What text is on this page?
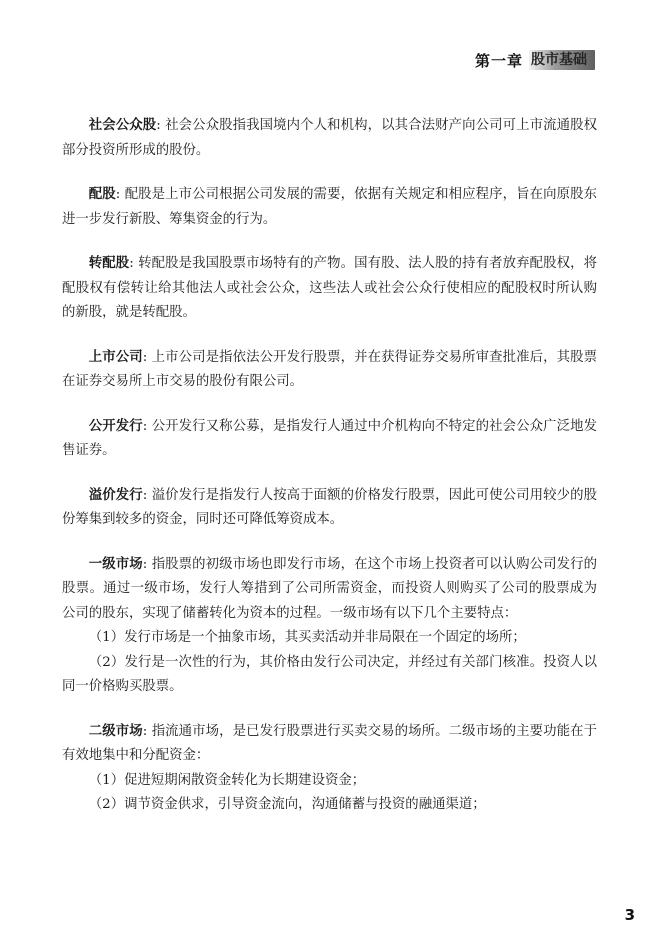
第一章 股市基础

社会公众股: 社会公众股指我国境内个人和机构，以其合法财产向公司可上市流通股权部分投资所形成的股份。

配股: 配股是上市公司根据公司发展的需要，依据有关规定和相应程序，旨在向原股东进一步发行新股、筹集资金的行为。

转配股: 转配股是我国股票市场特有的产物。国有股、法人股的持有者放弃配股权，将配股权有偿转让给其他法人或社会公众，这些法人或社会公众行使相应的配股权时所认购的新股，就是转配股。

上市公司: 上市公司是指依法公开发行股票，并在获得证券交易所审查批准后，其股票在证券交易所上市交易的股份有限公司。

公开发行: 公开发行又称公募，是指发行人通过中介机构向不特定的社会公众广泛地发售证券。

溢价发行: 溢价发行是指发行人按高于面额的价格发行股票，因此可使公司用较少的股份筹集到较多的资金，同时还可降低筹资成本。

一级市场: 指股票的初级市场也即发行市场，在这个市场上投资者可以认购公司发行的股票。通过一级市场，发行人筹措到了公司所需资金，而投资人则购买了公司的股票成为公司的股东，实现了储蓄转化为资本的过程。一级市场有以下几个主要特点：

（1）发行市场是一个抽象市场，其买卖活动并非局限在一个固定的场所；

（2）发行是一次性的行为，其价格由发行公司决定，并经过有关部门核准。投资人以同一价格购买股票。

二级市场: 指流通市场，是已发行股票进行买卖交易的场所。二级市场的主要功能在于有效地集中和分配资金：

（1）促进短期闲散资金转化为长期建设资金；

（2）调节资金供求，引导资金流向，沟通储蓄与投资的融通渠道；

3
